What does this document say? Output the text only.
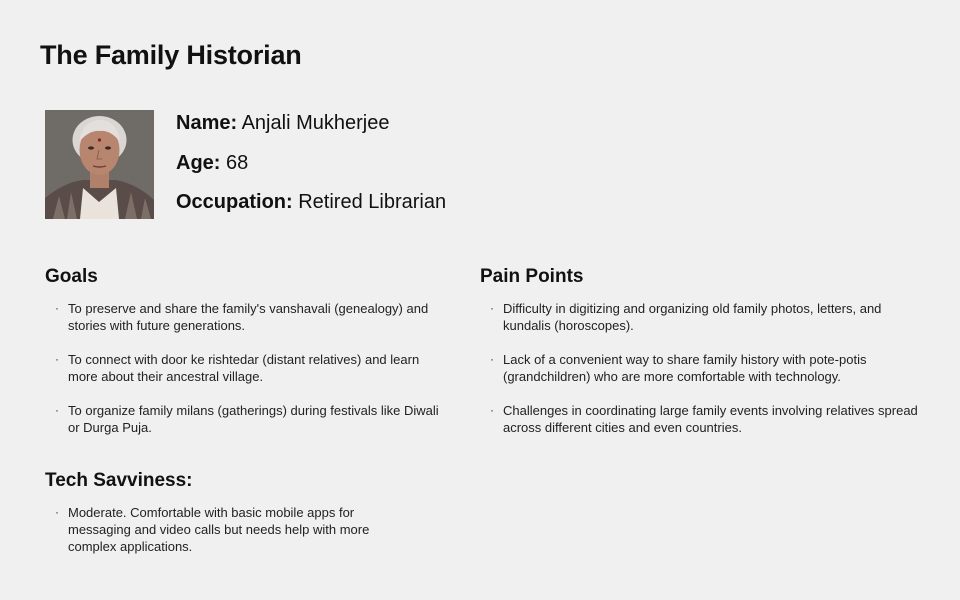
The Family Historian
Name: Anjali Mukherjee
Age: 68
Occupation: Retired Librarian
Goals
· To preserve and share the family's vanshavali (genealogy) and stories with future generations.
· To connect with door ke rishtedar (distant relatives) and learn more about their ancestral village.
· To organize family milans (gatherings) during festivals like Diwali or Durga Puja.
Pain Points
· Difficulty in digitizing and organizing old family photos, letters, and kundalis (horoscopes).
· Lack of a convenient way to share family history with pote-potis (grandchildren) who are more comfortable with technology.
· Challenges in coordinating large family events involving relatives spread across different cities and even countries.
Tech Savviness:
· Moderate. Comfortable with basic mobile apps for messaging and video calls but needs help with more complex applications.
